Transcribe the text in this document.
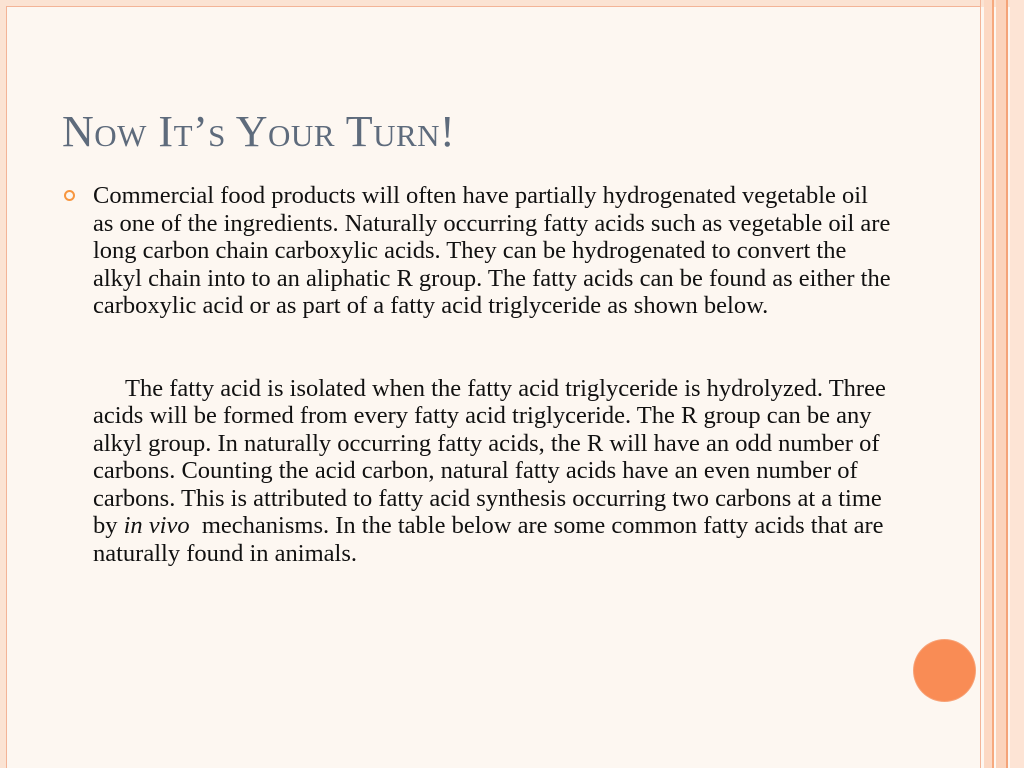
Now It’s Your Turn!

Commercial food products will often have partially hydrogenated vegetable oil as one of the ingredients. Naturally occurring fatty acids such as vegetable oil are long carbon chain carboxylic acids. They can be hydrogenated to convert the alkyl chain into to an aliphatic R group. The fatty acids can be found as either the carboxylic acid or as part of a fatty acid triglyceride as shown below.

The fatty acid is isolated when the fatty acid triglyceride is hydrolyzed. Three acids will be formed from every fatty acid triglyceride. The R group can be any alkyl group. In naturally occurring fatty acids, the R will have an odd number of carbons. Counting the acid carbon, natural fatty acids have an even number of carbons. This is attributed to fatty acid synthesis occurring two carbons at a time by in vivo  mechanisms. In the table below are some common fatty acids that are naturally found in animals.
